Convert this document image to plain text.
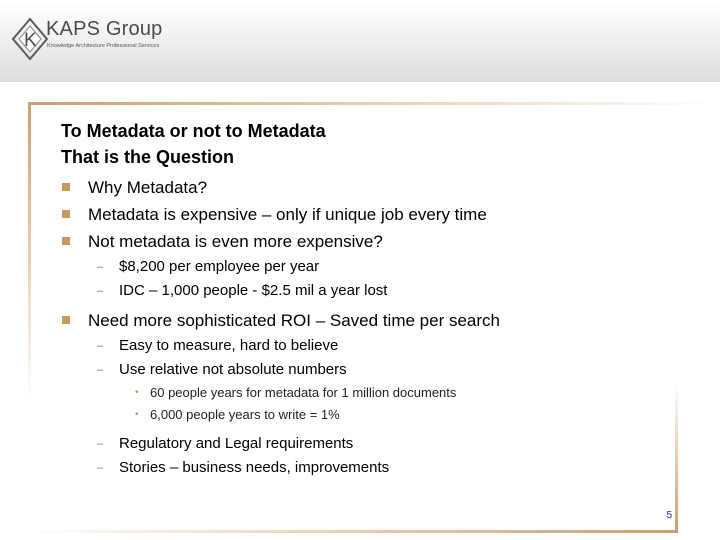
K
KAPS Group
Knowledge Architecture Professional Services
To Metadata or not to Metadata
That is the Question
Why Metadata?
Metadata is expensive – only if unique job every time
Not metadata is even more expensive?
– $8,200 per employee per year
– IDC – 1,000 people - $2.5 mil a year lost
Need more sophisticated ROI – Saved time per search
– Easy to measure, hard to believe
– Use relative not absolute numbers
• 60 people years for metadata for 1 million documents
• 6,000 people years to write = 1%
– Regulatory and Legal requirements
– Stories – business needs, improvements
5
